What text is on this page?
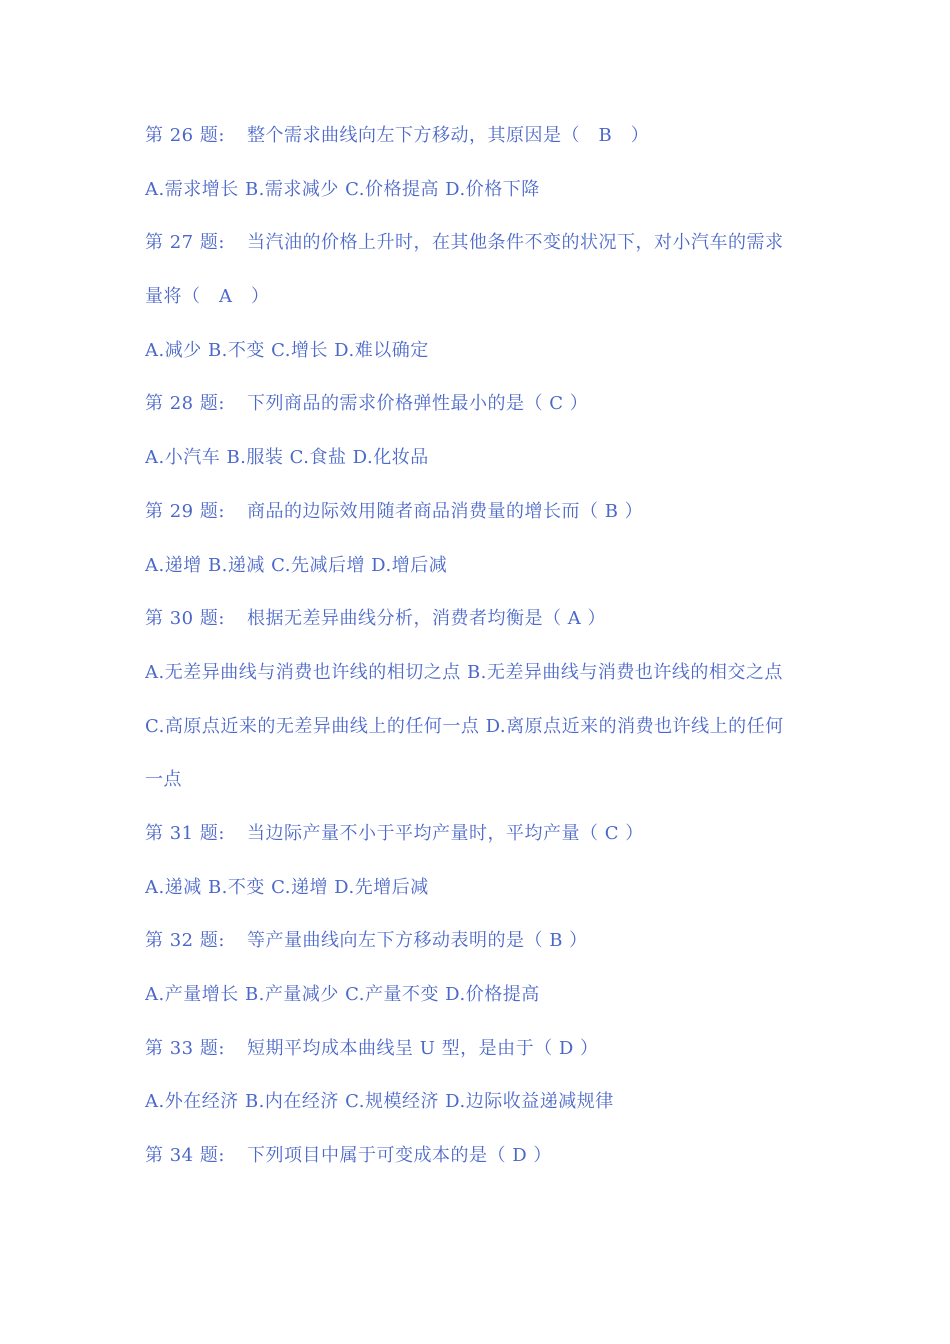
第 26 题: 整个需求曲线向左下方移动，其原因是（　B　）
A.需求增长 B.需求减少 C.价格提高 D.价格下降
第 27 题: 当汽油的价格上升时，在其他条件不变的状况下，对小汽车的需求
量将（　A　）
A.减少 B.不变 C.增长 D.难以确定
第 28 题: 下列商品的需求价格弹性最小的是（ C ）
A.小汽车 B.服装 C.食盐 D.化妆品
第 29 题: 商品的边际效用随者商品消费量的增长而（ B ）
A.递增 B.递减 C.先减后增 D.增后减
第 30 题: 根据无差异曲线分析，消费者均衡是（ A ）
A.无差异曲线与消费也许线的相切之点 B.无差异曲线与消费也许线的相交之点
C.高原点近来的无差异曲线上的任何一点 D.离原点近来的消费也许线上的任何
一点
第 31 题: 当边际产量不小于平均产量时，平均产量（ C ）
A.递减 B.不变 C.递增 D.先增后减
第 32 题: 等产量曲线向左下方移动表明的是（ B ）
A.产量增长 B.产量减少 C.产量不变 D.价格提高
第 33 题: 短期平均成本曲线呈 U 型，是由于（ D ）
A.外在经济 B.内在经济 C.规模经济 D.边际收益递减规律
第 34 题: 下列项目中属于可变成本的是（ D ）
